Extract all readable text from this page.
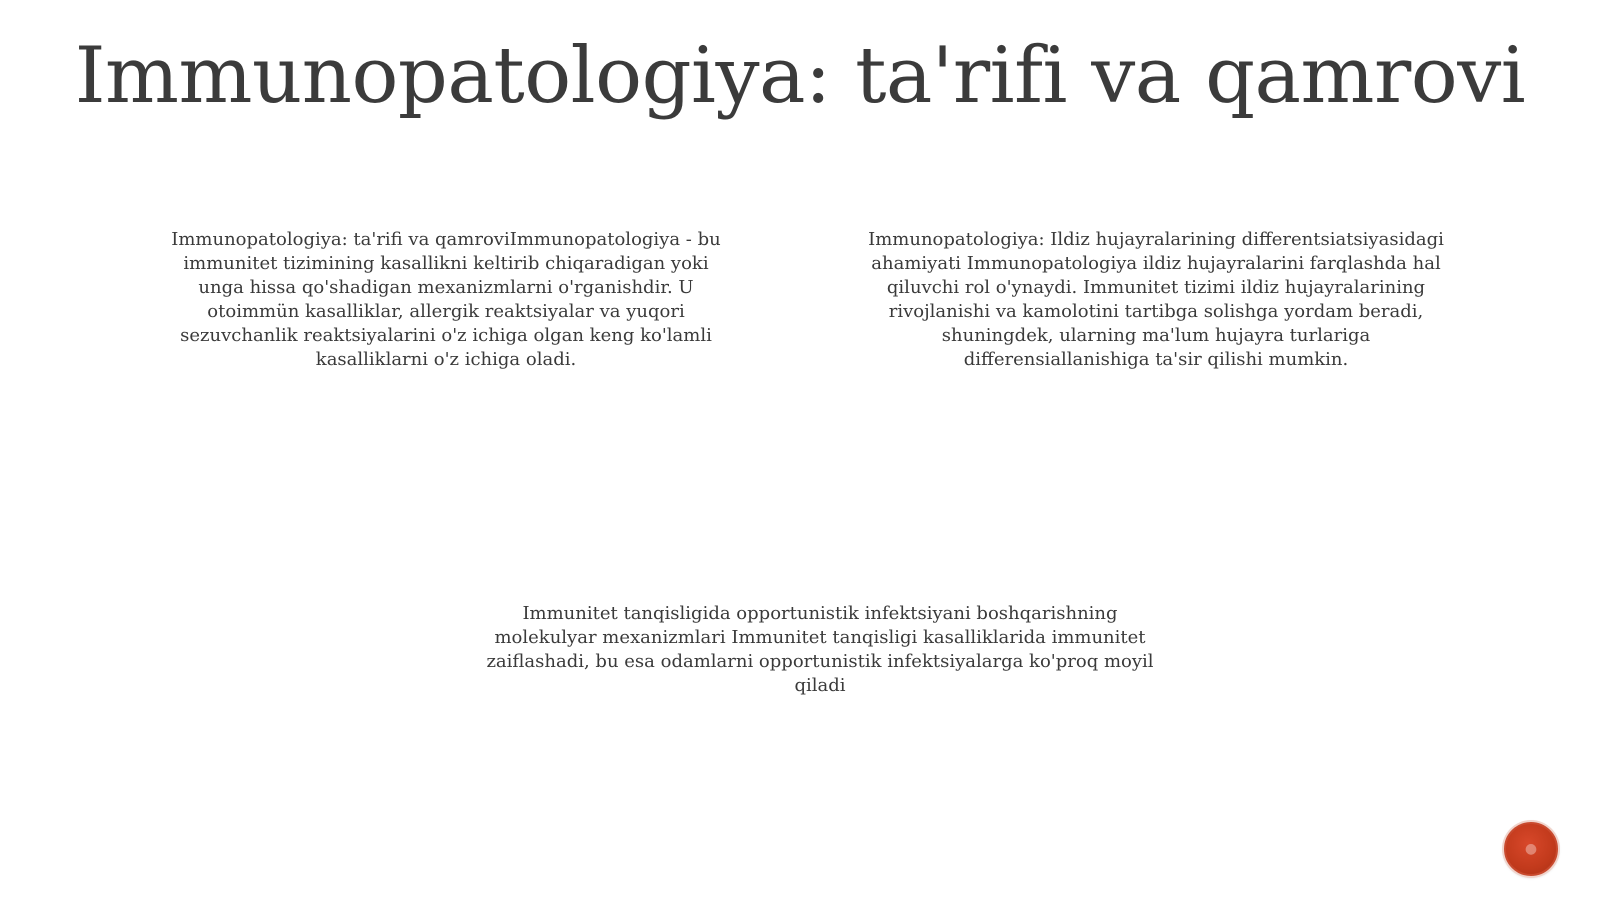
Immunopatologiya: ta'rifi va qamrovi

Immunopatologiya: ta'rifi va qamroviImmunopatologiya - bu immunitet tizimining kasallikni keltirib chiqaradigan yoki unga hissa qo'shadigan mexanizmlarni o'rganishdir. U otoimmün kasalliklar, allergik reaktsiyalar va yuqori sezuvchanlik reaktsiyalarini o'z ichiga olgan keng ko'lamli kasalliklarni o'z ichiga oladi.

Immunopatologiya: Ildiz hujayralarining differentsiatsiyasidagi ahamiyati Immunopatologiya ildiz hujayralarini farqlashda hal qiluvchi rol o'ynaydi. Immunitet tizimi ildiz hujayralarining rivojlanishi va kamolotini tartibga solishga yordam beradi, shuningdek, ularning ma'lum hujayra turlariga differensiallanishiga ta'sir qilishi mumkin.

Immunitet tanqisligida opportunistik infektsiyani boshqarishning molekulyar mexanizmlari Immunitet tanqisligi kasalliklarida immunitet zaiflashadi, bu esa odamlarni opportunistik infektsiyalarga ko'proq moyil qiladi

●
